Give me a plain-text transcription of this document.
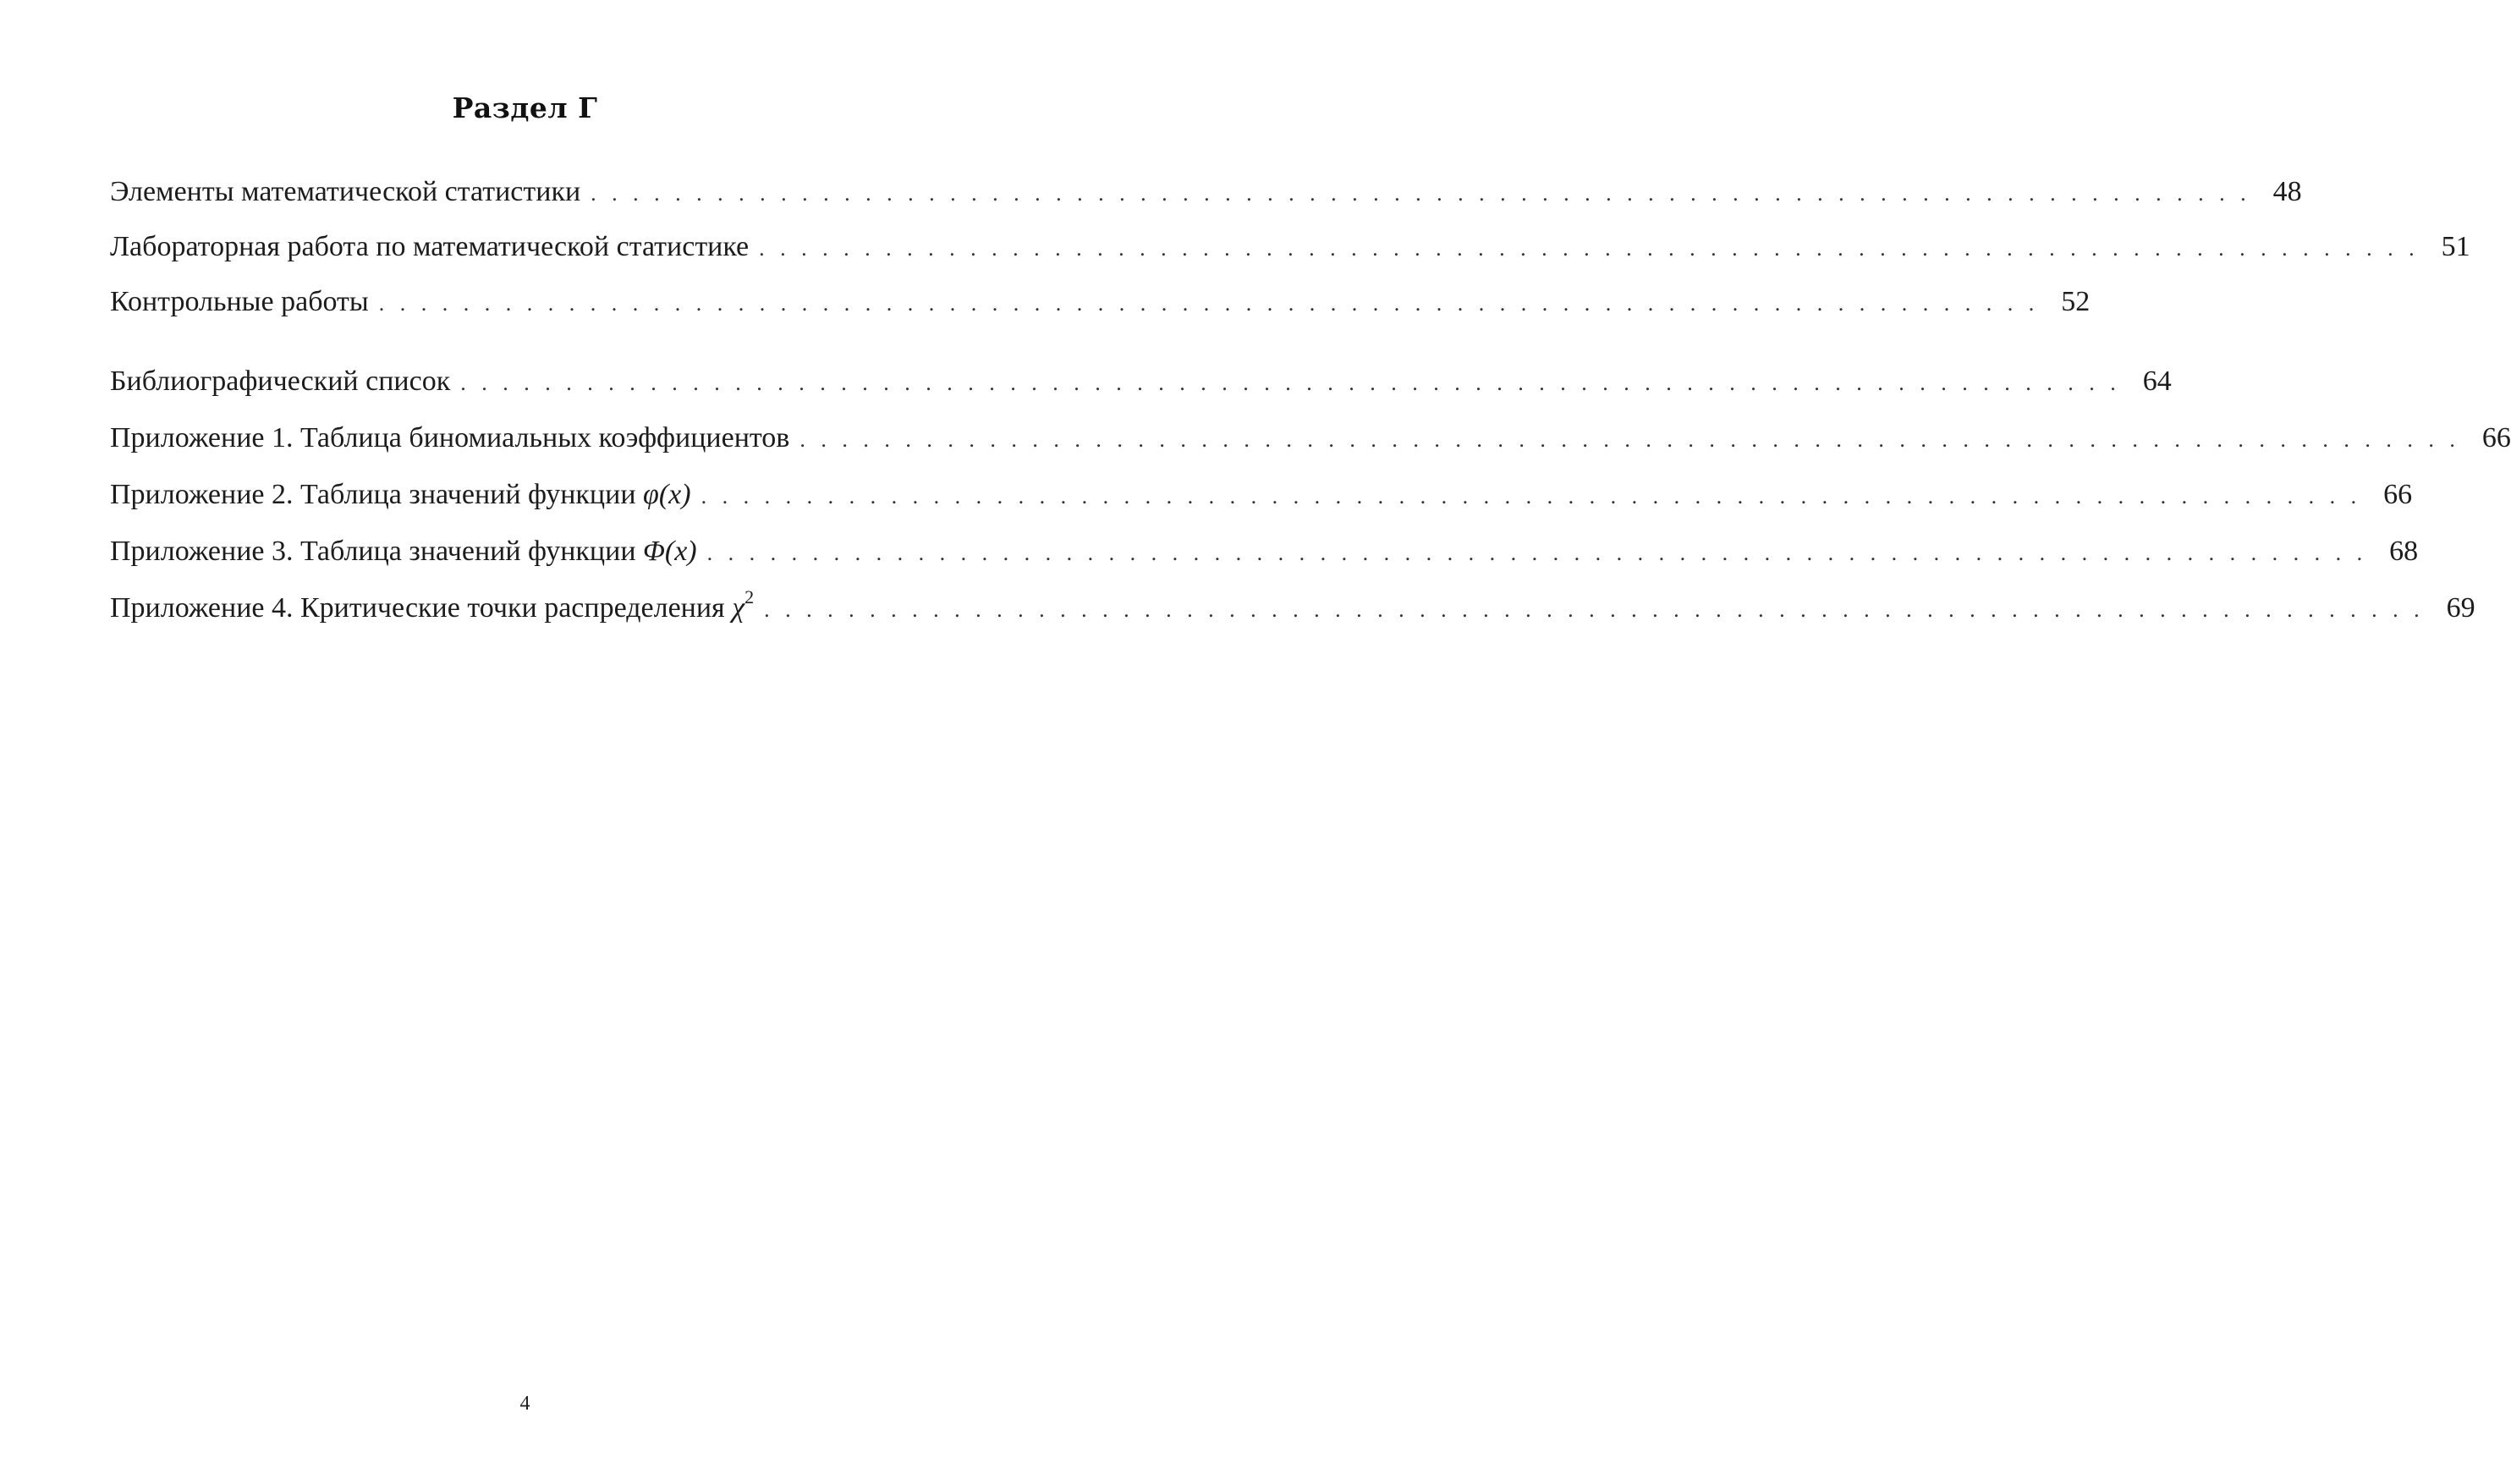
Раздел Г
Элементы математической статистики . . . . . . . . . . . . . . . . . . . . . . . . . . . . . . . . . . . . . . . . . . . . . . . . . . . . . . . . . . . . . . . . . . . . . . . . . . . . . . . 48
Лабораторная работа по математической статистике . . . . . . . . . . . . . . . . . . . . . . . . . . . . . . . . . . . . . . . . . . . . . . . . . . . . . . . . . . . . . . . . . . . . . . . . . . . . . . . 51
Контрольные работы . . . . . . . . . . . . . . . . . . . . . . . . . . . . . . . . . . . . . . . . . . . . . . . . . . . . . . . . . . . . . . . . . . . . . . . . . . . . . . . 52
Библиографический список . . . . . . . . . . . . . . . . . . . . . . . . . . . . . . . . . . . . . . . . . . . . . . . . . . . . . . . . . . . . . . . . . . . . . . . . . . . . . . . 64
Приложение 1. Таблица биномиальных коэффициентов . . . . . . . . . . . . . . . . . . . . . . . . . . . . . . . . . . . . . . . . . . . . . . . . . . . . . . . . . . . . . . . . . . . . . . . . . . . . . . . 66
Приложение 2. Таблица значений функции φ(x) . . . . . . . . . . . . . . . . . . . . . . . . . . . . . . . . . . . . . . . . . . . . . . . . . . . . . . . . . . . . . . . . . . . . . . . . . . . . . . . 66
Приложение 3. Таблица значений функции Φ(x) . . . . . . . . . . . . . . . . . . . . . . . . . . . . . . . . . . . . . . . . . . . . . . . . . . . . . . . . . . . . . . . . . . . . . . . . . . . . . . . 68
Приложение 4. Критические точки распределения $\chi^2$
. . . . . . . . . . . . . . . . . . . . . . . . . . . . . . . . . . . . . . . . . . . . . . . . . . . . . . . . . . . . . . . . . . . . . . . . . . . . . . . 69
4
